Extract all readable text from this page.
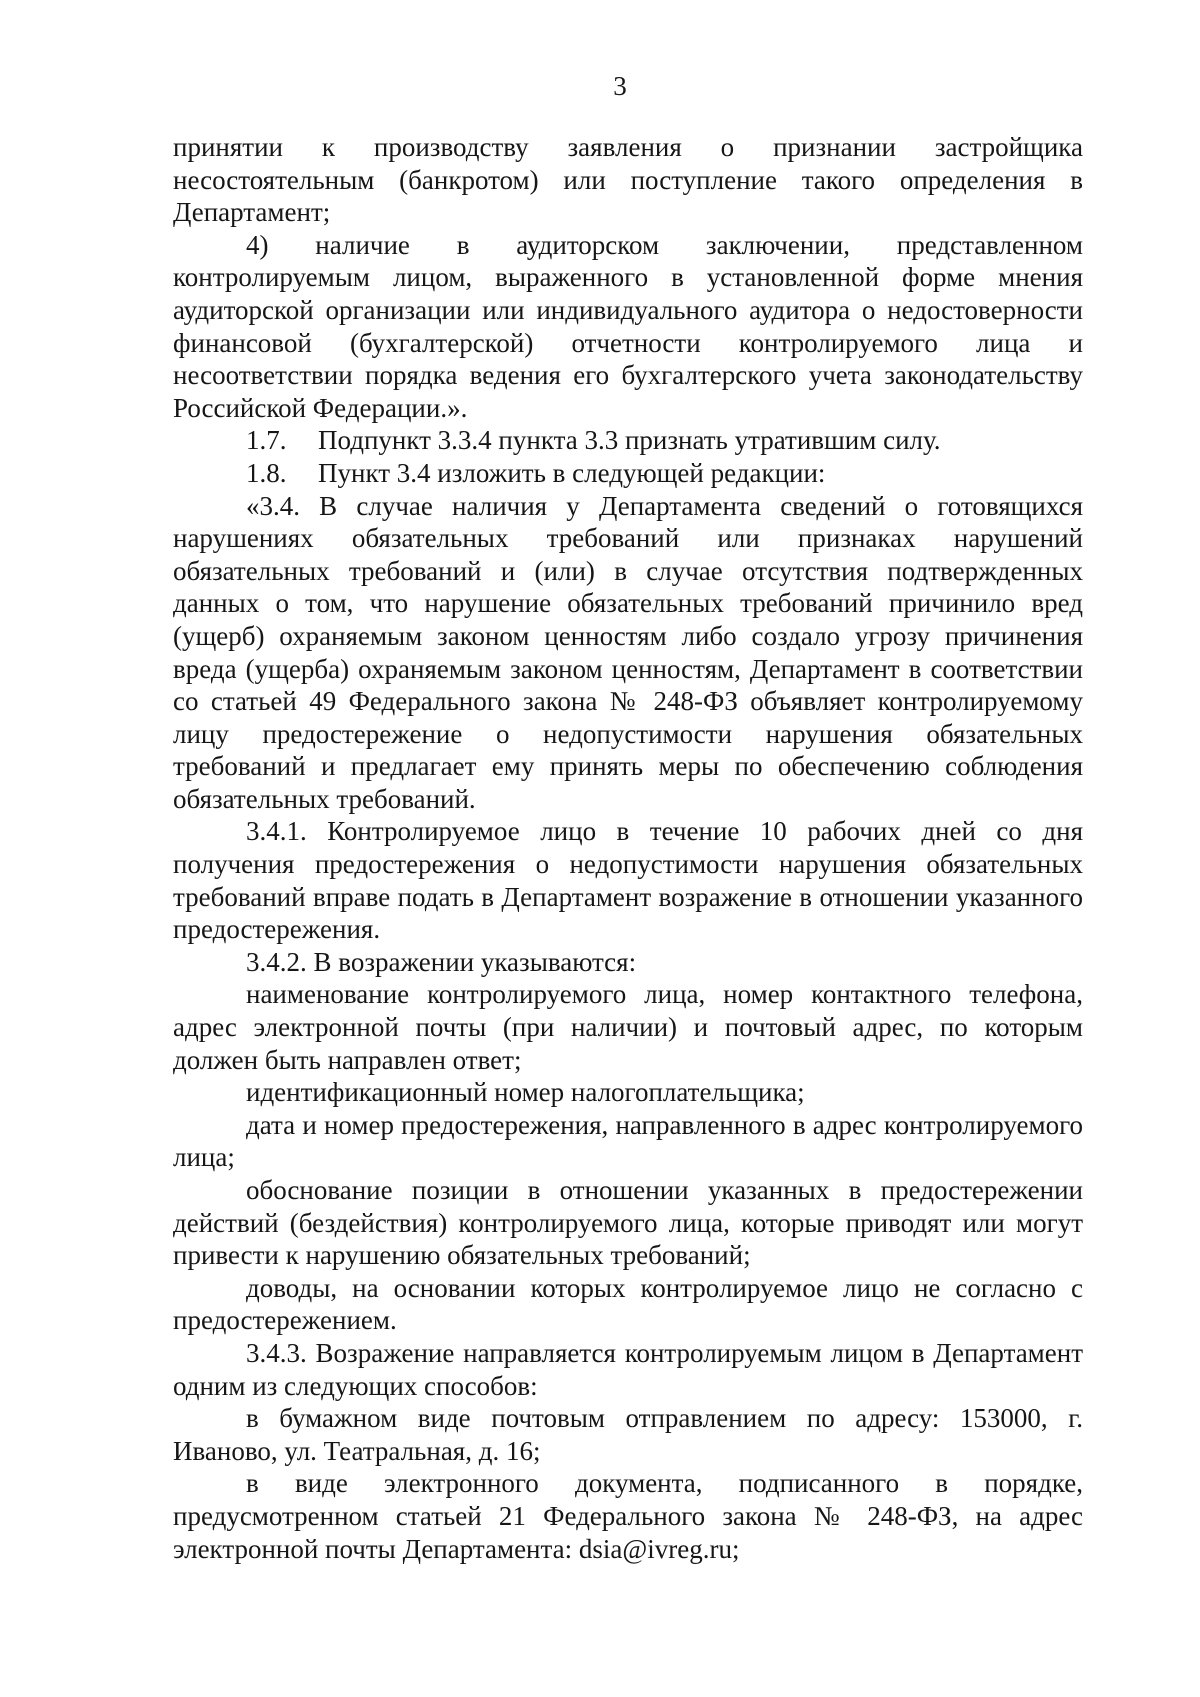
3

принятии к производству заявления о признании застройщика несостоятельным (банкротом) или поступление такого определения в Департамент;

4) наличие в аудиторском заключении, представленном контролируемым лицом, выраженного в установленной форме мнения аудиторской организации или индивидуального аудитора о недостоверности финансовой (бухгалтерской) отчетности контролируемого лица и несоответствии порядка ведения его бухгалтерского учета законодательству Российской Федерации.».

1.7. Подпункт 3.3.4 пункта 3.3 признать утратившим силу.

1.8. Пункт 3.4 изложить в следующей редакции:

«3.4. В случае наличия у Департамента сведений о готовящихся нарушениях обязательных требований или признаках нарушений обязательных требований и (или) в случае отсутствия подтвержденных данных о том, что нарушение обязательных требований причинило вред (ущерб) охраняемым законом ценностям либо создало угрозу причинения вреда (ущерба) охраняемым законом ценностям, Департамент в соответствии со статьей 49 Федерального закона № 248-ФЗ объявляет контролируемому лицу предостережение о недопустимости нарушения обязательных требований и предлагает ему принять меры по обеспечению соблюдения обязательных требований.

3.4.1. Контролируемое лицо в течение 10 рабочих дней со дня получения предостережения о недопустимости нарушения обязательных требований вправе подать в Департамент возражение в отношении указанного предостережения.

3.4.2. В возражении указываются:

наименование контролируемого лица, номер контактного телефона, адрес электронной почты (при наличии) и почтовый адрес, по которым должен быть направлен ответ;

идентификационный номер налогоплательщика;

дата и номер предостережения, направленного в адрес контролируемого лица;

обоснование позиции в отношении указанных в предостережении действий (бездействия) контролируемого лица, которые приводят или могут привести к нарушению обязательных требований;

доводы, на основании которых контролируемое лицо не согласно с предостережением.

3.4.3. Возражение направляется контролируемым лицом в Департамент одним из следующих способов:

в бумажном виде почтовым отправлением по адресу: 153000, г. Иваново, ул. Театральная, д. 16;

в виде электронного документа, подписанного в порядке, предусмотренном статьей 21 Федерального закона № 248-ФЗ, на адрес электронной почты Департамента: dsia@ivreg.ru;
